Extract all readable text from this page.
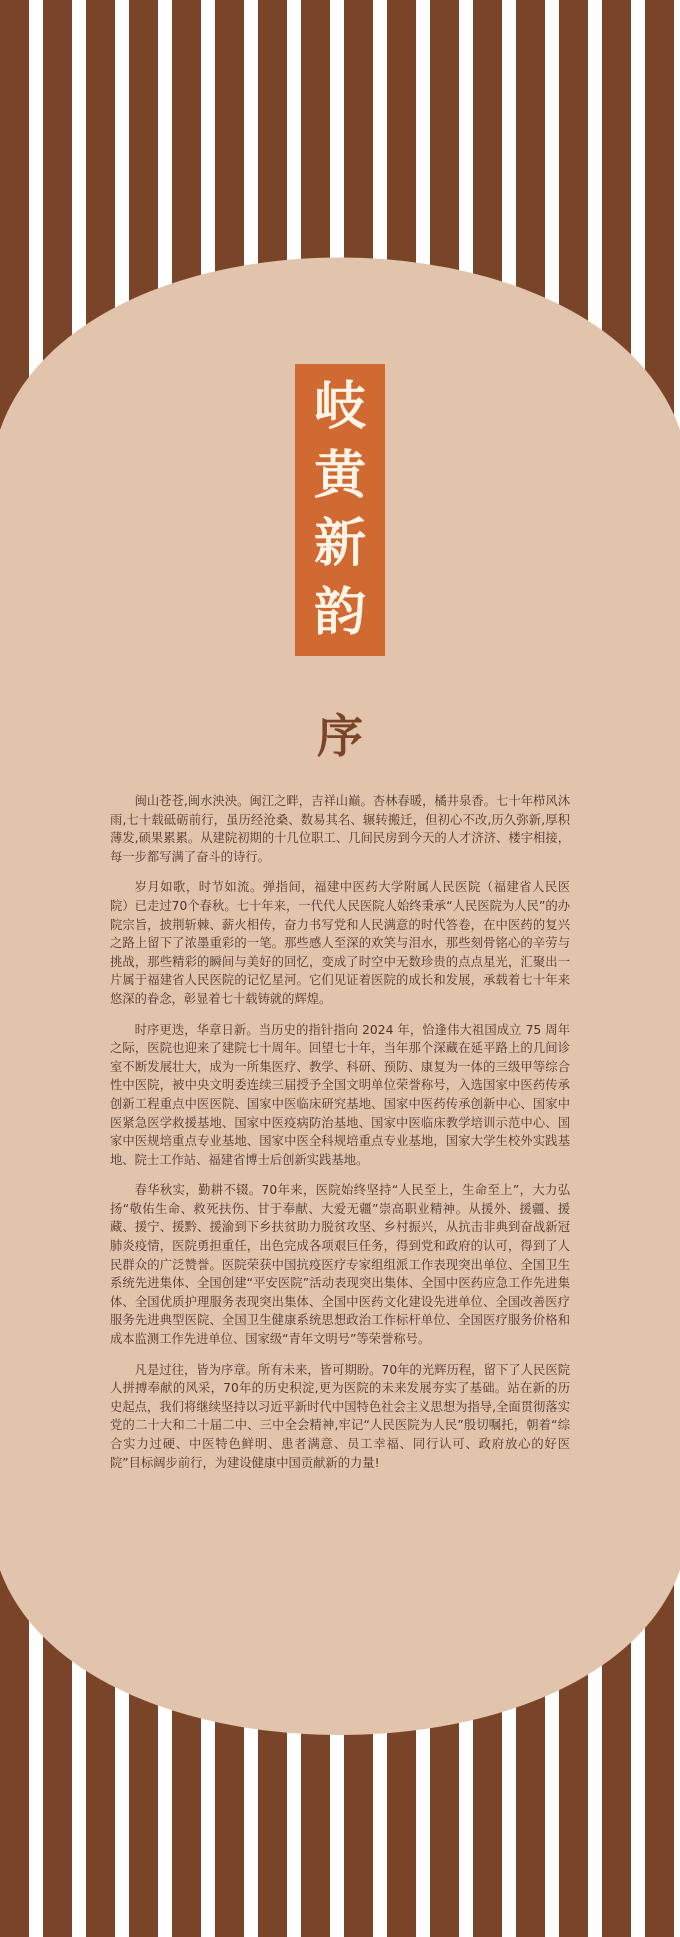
岐
黄
新
韵
序

闽山苍苍,闽水泱泱。闽江之畔，吉祥山巅。杏林春暖，橘井泉香。七十年栉风沐雨,七十载砥砺前行，虽历经沧桑、数易其名、辗转搬迁，但初心不改,历久弥新,厚积薄发,硕果累累。从建院初期的十几位职工、几间民房到今天的人才济济、楼宇相接，每一步都写满了奋斗的诗行。

岁月如歌，时节如流。弹指间，福建中医药大学附属人民医院（福建省人民医院）已走过70个春秋。七十年来，一代代人民医院人始终秉承“人民医院为人民”的办院宗旨，披荆斩棘、薪火相传，奋力书写党和人民满意的时代答卷，在中医药的复兴之路上留下了浓墨重彩的一笔。那些感人至深的欢笑与泪水，那些刻骨铭心的辛劳与挑战，那些精彩的瞬间与美好的回忆，变成了时空中无数珍贵的点点星光，汇聚出一片属于福建省人民医院的记忆星河。它们见证着医院的成长和发展，承载着七十年来悠深的眷念，彰显着七十载铸就的辉煌。

时序更迭，华章日新。当历史的指针指向 2024 年，恰逢伟大祖国成立 75 周年之际，医院也迎来了建院七十周年。回望七十年，当年那个深藏在延平路上的几间诊室不断发展壮大，成为一所集医疗、教学、科研、预防、康复为一体的三级甲等综合性中医院，被中央文明委连续三届授予全国文明单位荣誉称号，入选国家中医药传承创新工程重点中医医院、国家中医临床研究基地、国家中医药传承创新中心、国家中医紧急医学救援基地、国家中医疫病防治基地、国家中医临床教学培训示范中心、国家中医规培重点专业基地、国家中医全科规培重点专业基地，国家大学生校外实践基地、院士工作站、福建省博士后创新实践基地。

春华秋实，勤耕不辍。70年来，医院始终坚持“人民至上，生命至上”，大力弘扬“敬佑生命、救死扶伤、甘于奉献、大爱无疆”崇高职业精神。从援外、援疆、援藏、援宁、援黔、援渝到下乡扶贫助力脱贫攻坚、乡村振兴，从抗击非典到奋战新冠肺炎疫情，医院勇担重任，出色完成各项艰巨任务，得到党和政府的认可，得到了人民群众的广泛赞誉。医院荣获中国抗疫医疗专家组组派工作表现突出单位、全国卫生系统先进集体、全国创建“平安医院”活动表现突出集体、全国中医药应急工作先进集体、全国优质护理服务表现突出集体、全国中医药文化建设先进单位、全国改善医疗服务先进典型医院、全国卫生健康系统思想政治工作标杆单位、全国医疗服务价格和成本监测工作先进单位、国家级“青年文明号”等荣誉称号。

凡是过往，皆为序章。所有未来，皆可期盼。70年的光辉历程，留下了人民医院人拼搏奉献的风采，70年的历史积淀,更为医院的未来发展夯实了基础。站在新的历史起点，我们将继续坚持以习近平新时代中国特色社会主义思想为指导,全面贯彻落实党的二十大和二十届二中、三中全会精神,牢记“人民医院为人民”殷切嘱托，朝着“综合实力过硬、中医特色鲜明、患者满意、员工幸福、同行认可、政府放心的好医院”目标阔步前行，为建设健康中国贡献新的力量!
